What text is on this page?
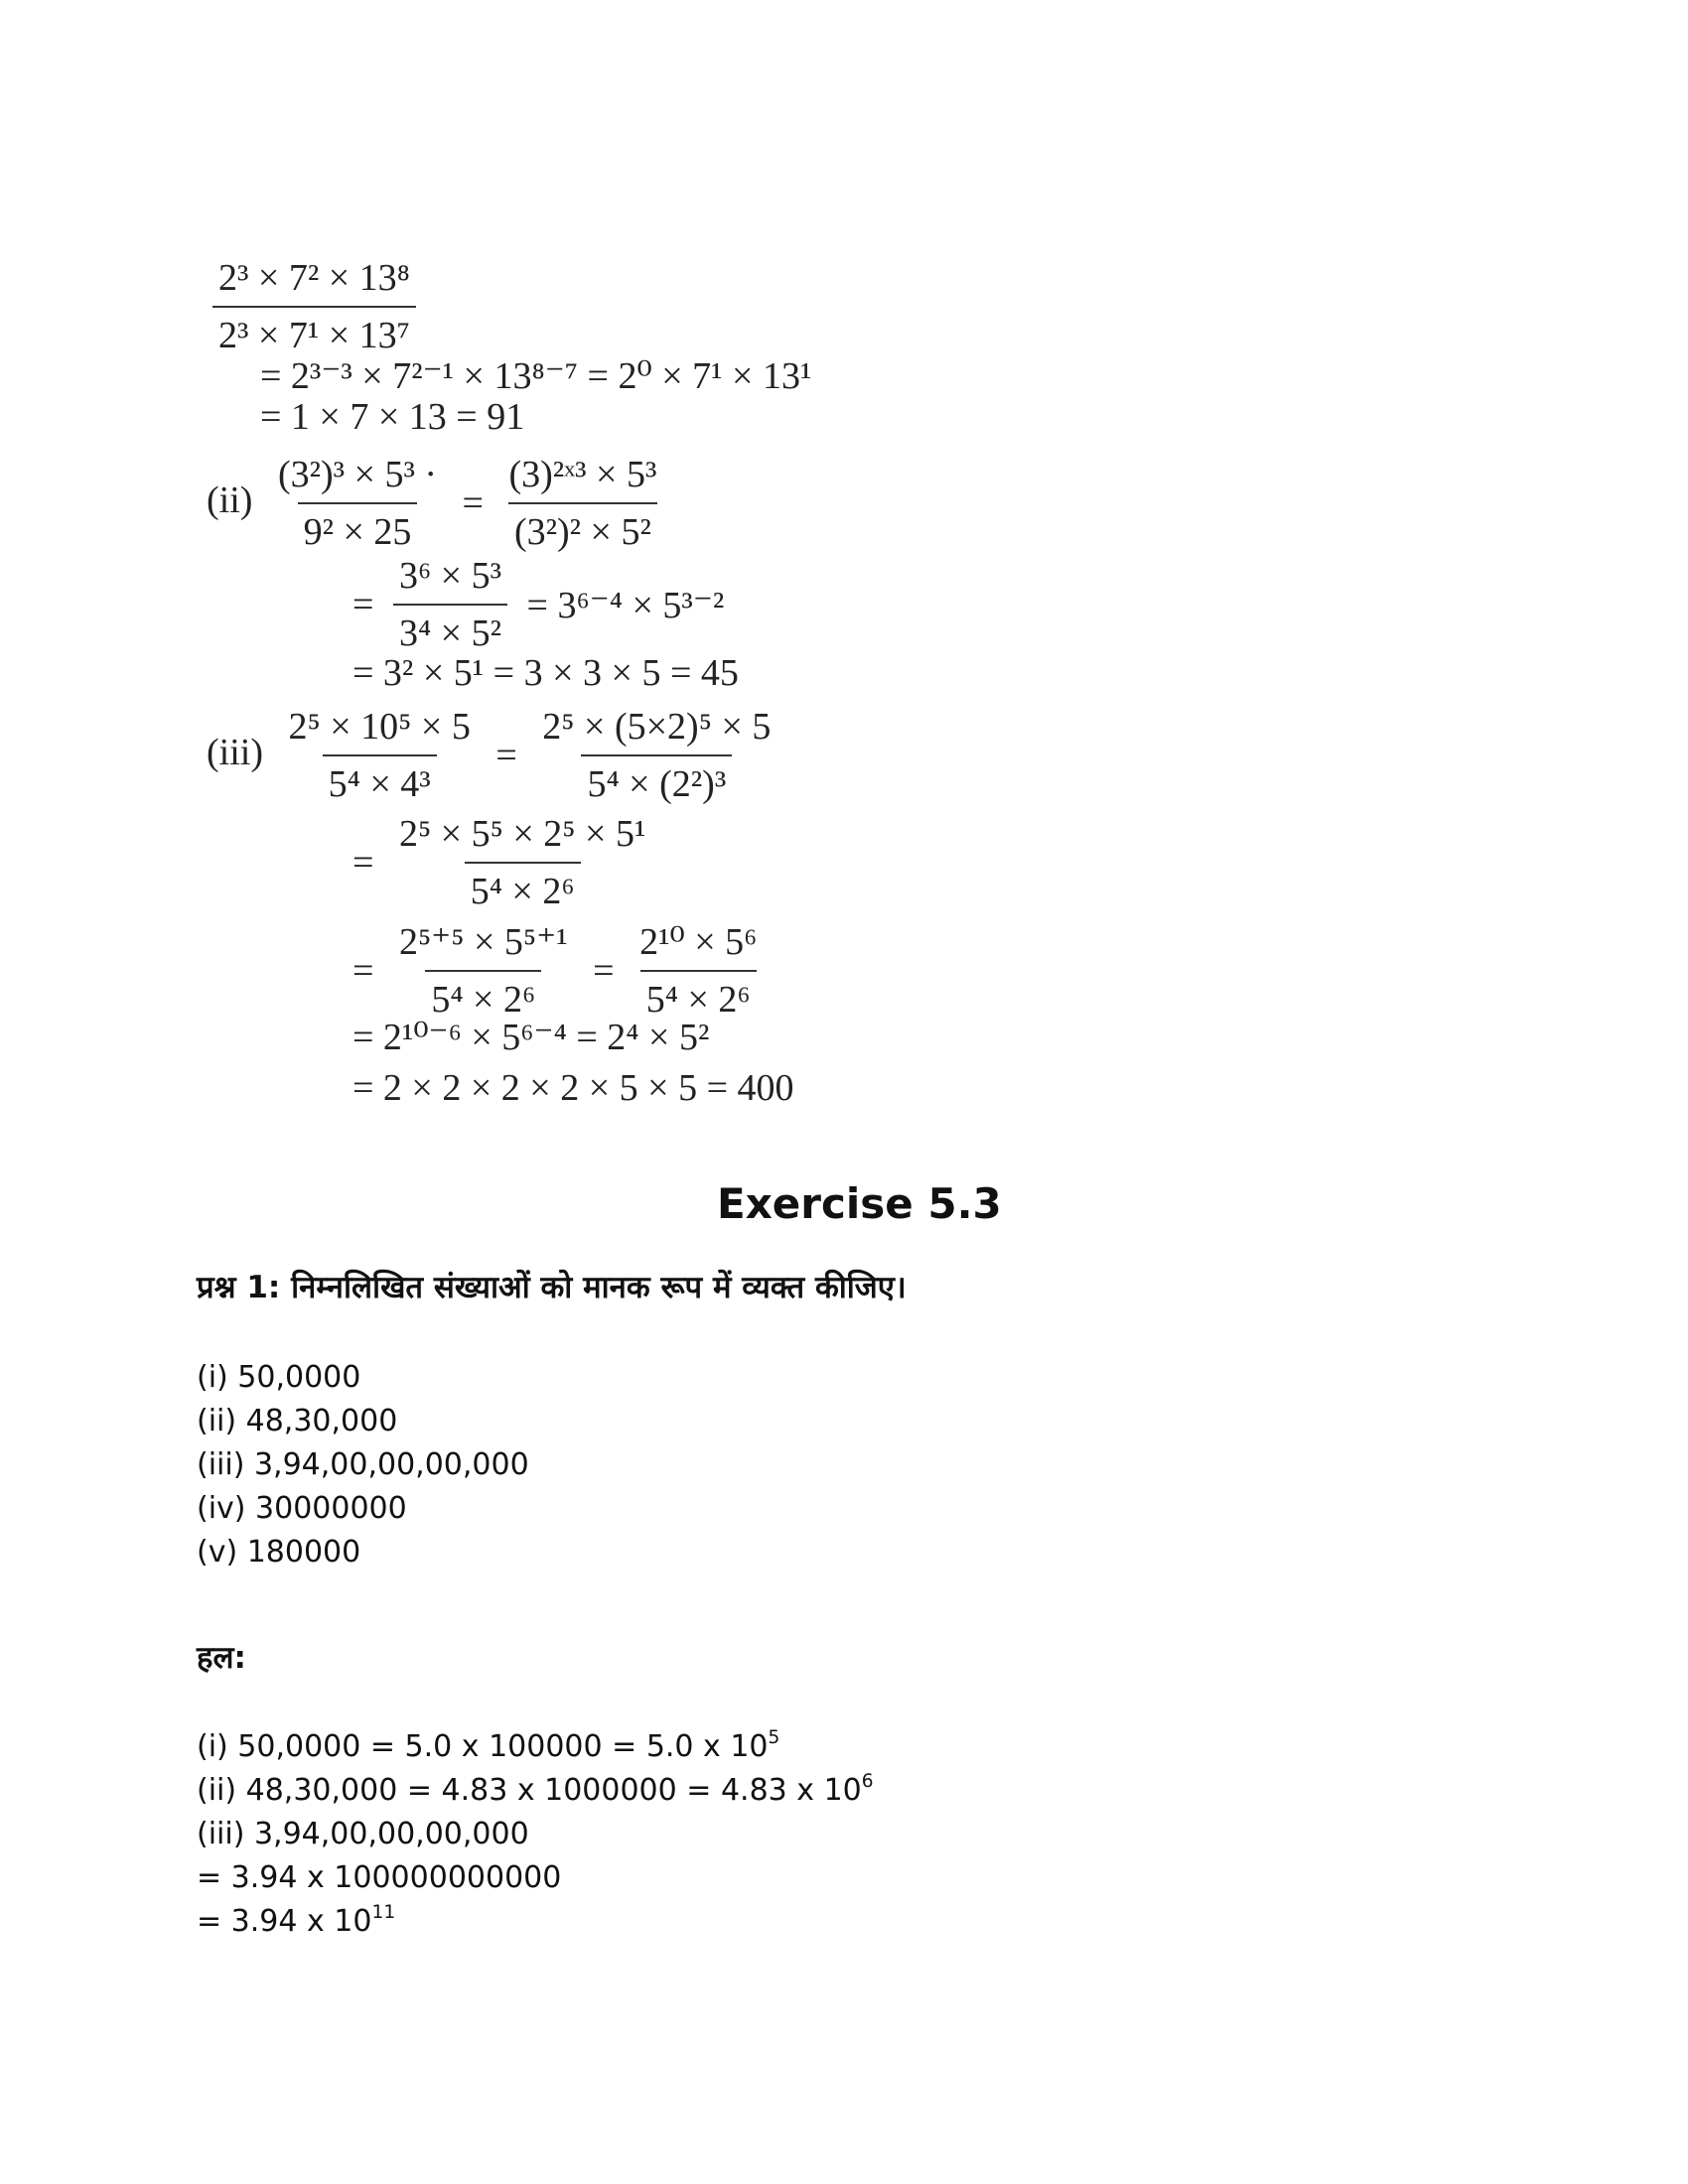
$\frac{\text{2³ × 7² × 13⁸}}{\text{2³ × 7¹ × 13⁷}}$
= 2³⁻³ × 7²⁻¹ × 13⁸⁻⁷ = 2⁰ × 7¹ × 13¹
= 1 × 7 × 13 = 91
$(ii) \frac{\text{(3²)³ × 5³ ·}}{\text{9² × 25}} = \frac{\text{(3)²ˣ³ × 5³}}{\text{(3²)² × 5²}}$
= $\frac{\text{3⁶ × 5³}}{\text{3⁴ × 5²}} = 3^{6-4} \times 5^{3-2}$
= 3² × 5¹ = 3 × 3 × 5 = 45
$(iii) \frac{\text{2⁵ × 10⁵ × 5}}{\text{5⁴ × 4³}} = \frac{\text{2⁵ × (5×2)⁵ × 5}}{\text{5⁴ × (2²)³}}$
= $\frac{\text{2⁵ × 5⁵ × 2⁵ × 5¹}}{\text{5⁴ × 2⁶}}$
= $\frac{\text{2⁵⁺⁵ × 5⁵⁺¹}}{\text{5⁴ × 2⁶}} = \frac{\text{2¹⁰ × 5⁶}}{\text{5⁴ × 2⁶}}$
= 2¹⁰⁻⁶ × 5⁶⁻⁴ = 2⁴ × 5²
= 2 × 2 × 2 × 2 × 5 × 5 = 400
Exercise 5.3
प्रश्न 1: निम्नलिखित संख्याओं को मानक रूप में व्यक्त कीजिए।
(i) 50,0000
(ii) 48,30,000
(iii) 3,94,00,00,00,000
(iv) 30000000
(v) 180000
हल:
(i) 50,0000 = 5.0 x 100000 = 5.0 x $10^5$
(ii) 48,30,000 = 4.83 x 1000000 = 4.83 x $10^6$
(iii) 3,94,00,00,00,000
= 3.94 x 100000000000
= 3.94 x $10^{11}$
